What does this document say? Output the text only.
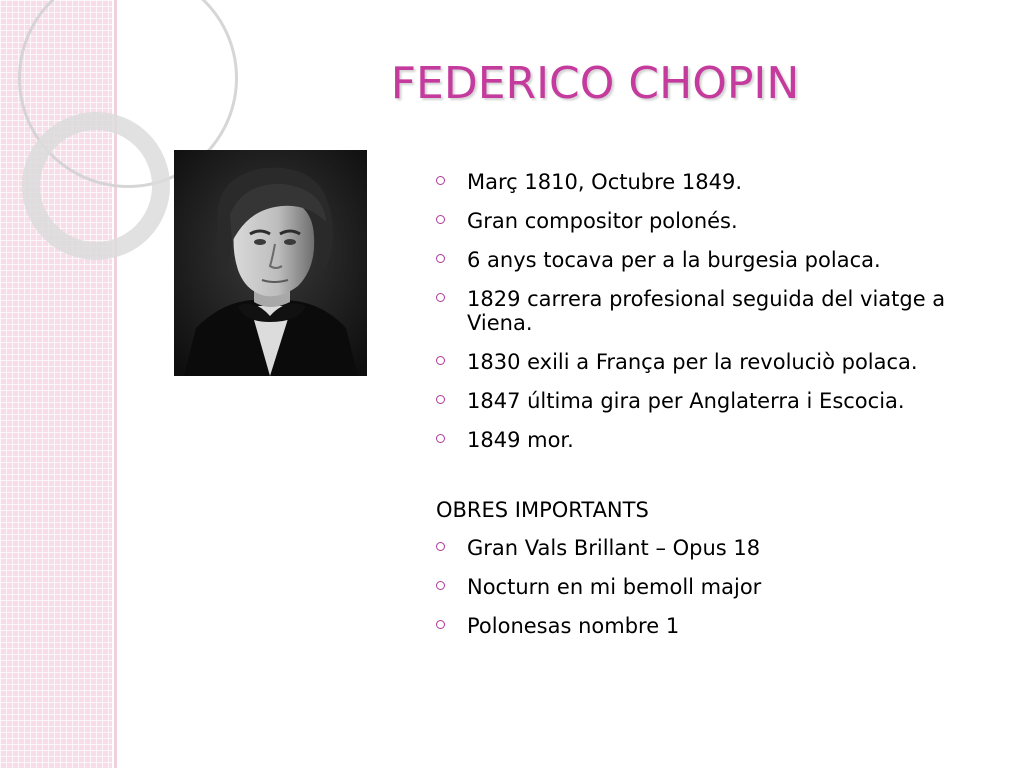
FEDERICO CHOPIN
Març 1810, Octubre 1849.
Gran compositor polonés.
6 anys tocava per a la burgesia polaca.
1829 carrera profesional seguida del viatge a Viena.
1830 exili a França per la revoluciò polaca.
1847 última gira per Anglaterra i Escocia.
1849 mor.
OBRES IMPORTANTS
Gran Vals Brillant – Opus 18
Nocturn en mi bemoll major
Polonesas nombre 1
